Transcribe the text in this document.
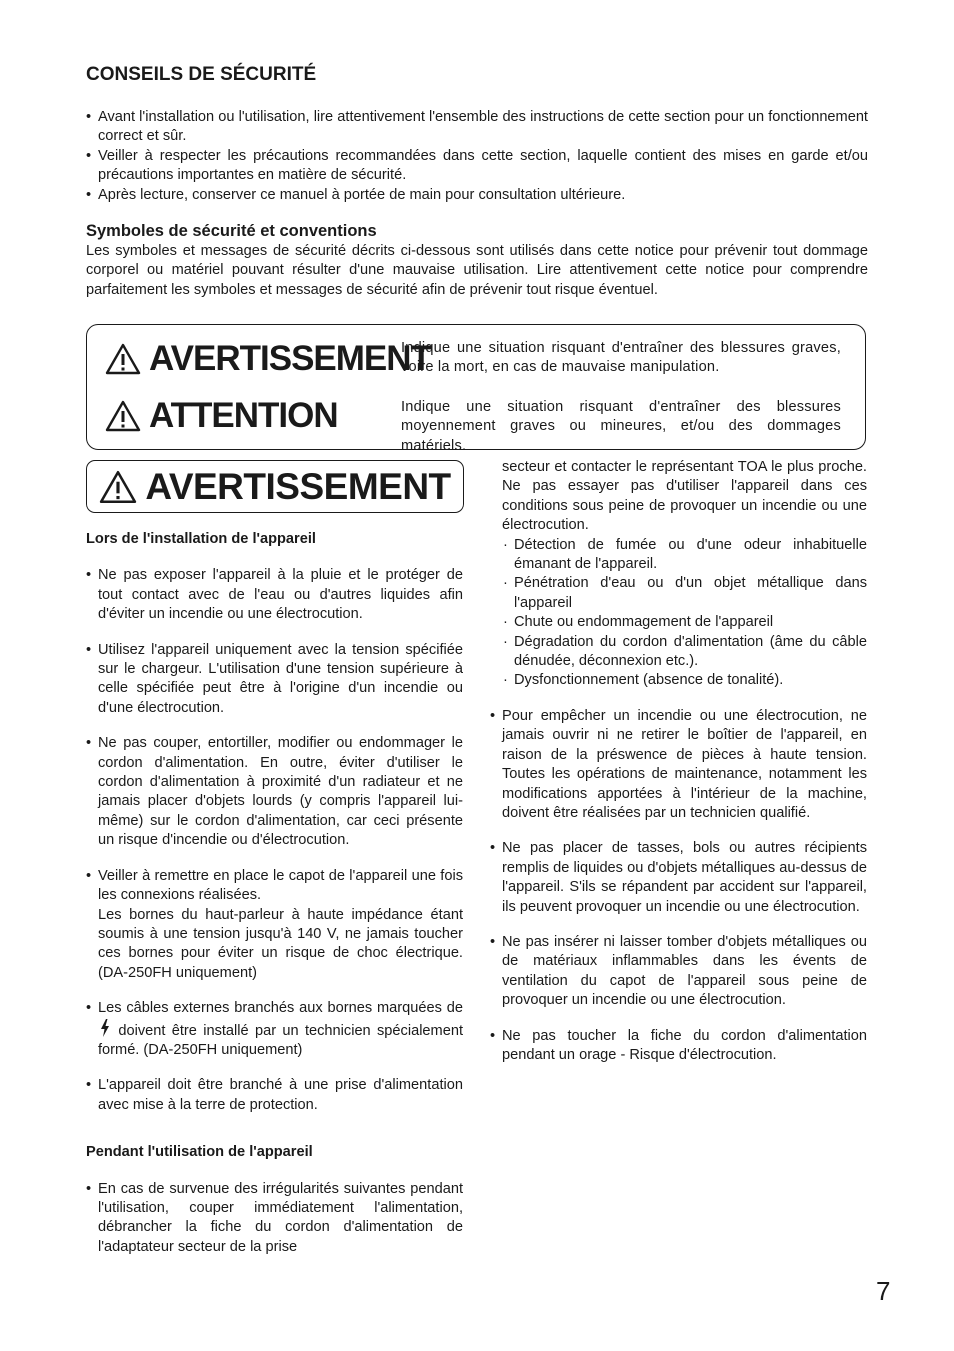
CONSEILS DE SÉCURITÉ
• Avant l'installation ou l'utilisation, lire attentivement l'ensemble des instructions de cette section pour un fonctionnement correct et sûr.
• Veiller à respecter les précautions recommandées dans cette section, laquelle contient des mises en garde et/ou précautions importantes en matière de sécurité.
• Après lecture, conserver ce manuel à portée de main pour consultation ultérieure.
Symboles de sécurité et conventions
Les symboles et messages de sécurité décrits ci-dessous sont utilisés dans cette notice pour prévenir tout dommage corporel ou matériel pouvant résulter d'une mauvaise utilisation. Lire attentivement cette notice pour comprendre parfaitement les symboles et messages de sécurité afin de prévenir tout risque éventuel.
AVERTISSEMENT
Indique une situation risquant d'entraîner des blessures graves, voire la mort, en cas de mauvaise manipulation.
ATTENTION	Indique une situation risquant d'entraîner des blessures moyennement graves ou mineures, et/ou des dommages matériels.
AVERTISSEMENT
Lors de l'installation de l'appareil
• Ne pas exposer l'appareil à la pluie et le protéger de tout contact avec de l'eau ou d'autres liquides afin d'éviter un incendie ou une électrocution.
• Utilisez l'appareil uniquement avec la tension spécifiée sur le chargeur. L'utilisation d'une tension supérieure à celle spécifiée peut être à l'origine d'un incendie ou d'une électrocution.
• Ne pas couper, entortiller, modifier ou endommager le cordon d'alimentation. En outre, éviter d'utiliser le cordon d'alimentation à proximité d'un radiateur et ne jamais placer d'objets lourds (y compris l'appareil lui-même) sur le cordon d'alimentation, car ceci présente un risque d'incendie ou d'électrocution.
• Veiller à remettre en place le capot de l'appareil une fois les connexions réalisées.
Les bornes du haut-parleur à haute impédance étant soumis à une tension jusqu'à 140 V, ne jamais toucher ces bornes pour éviter un risque de choc électrique. (DA-250FH uniquement)
• Les câbles externes branchés aux bornes marquées de  doivent être installé par un technicien spécialement formé. (DA-250FH uniquement)
• L'appareil doit être branché à une prise d'alimentation avec mise à la terre de protection.
Pendant l'utilisation de l'appareil
• En cas de survenue des irrégularités suivantes pendant l'utilisation, couper immédiatement l'alimentation, débrancher la fiche du cordon d'alimentation de l'adaptateur secteur de la prise
secteur et contacter le représentant TOA le plus proche. Ne pas essayer pas d'utiliser l'appareil dans ces conditions sous peine de provoquer un incendie ou une électrocution.
· Détection de fumée ou d'une odeur inhabituelle émanant de l'appareil.
· Pénétration d'eau ou d'un objet métallique dans l'appareil
· Chute ou endommagement de l'appareil
· Dégradation du cordon d'alimentation (âme du câble dénudée, déconnexion etc.).
· Dysfonctionnement (absence de tonalité).
• Pour empêcher un incendie ou une électrocution, ne jamais ouvrir ni ne retirer le boîtier de l'appareil, en raison de la préswence de pièces à haute tension. Toutes les opérations de maintenance, notamment les modifications apportées à l'intérieur de la machine, doivent être réalisées par un technicien qualifié.
• Ne pas placer de tasses, bols ou autres récipients remplis de liquides ou d'objets métalliques au-dessus de l'appareil. S'ils se répandent par accident sur l'appareil, ils peuvent provoquer un incendie ou une électrocution.
• Ne pas insérer ni laisser tomber d'objets métalliques ou de matériaux inflammables dans les évents de ventilation du capot de l'appareil sous peine de provoquer un incendie ou une électrocution.
• Ne pas toucher la fiche du cordon d'alimentation pendant un orage - Risque d'électrocution.
7
